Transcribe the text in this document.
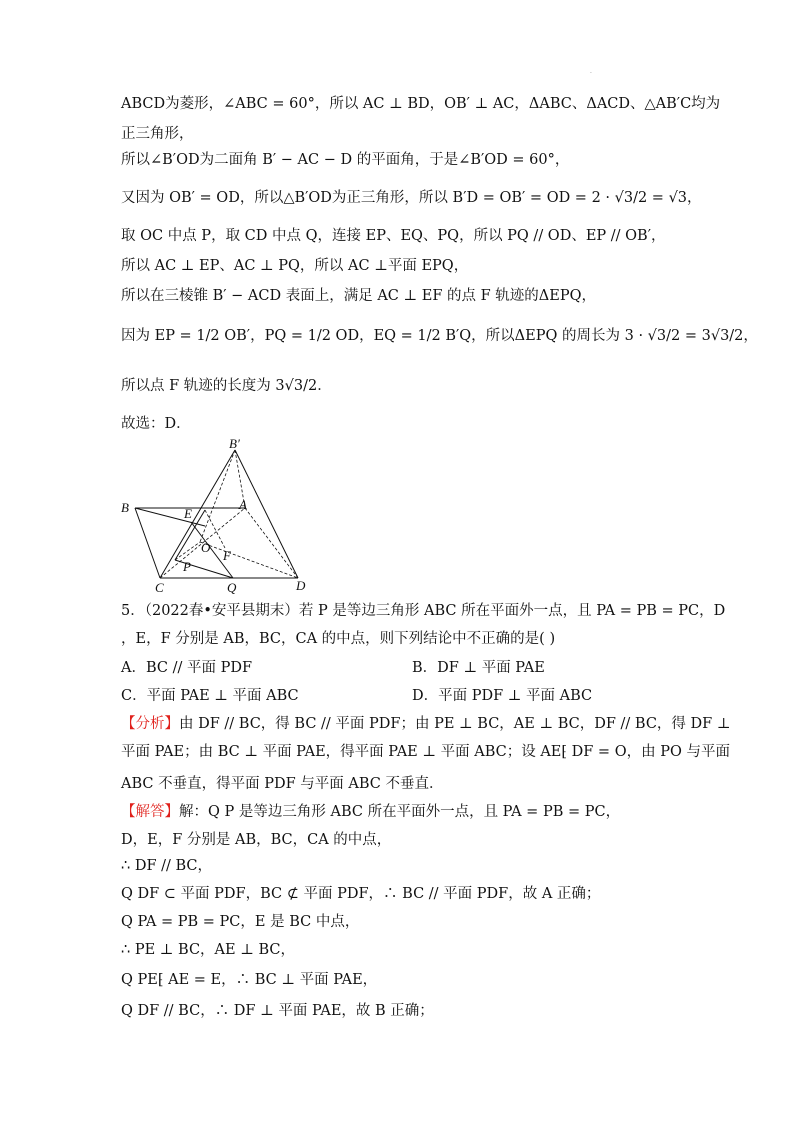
·
ABCD为菱形，∠ABC = 60°，所以 AC ⊥ BD，OB′ ⊥ AC，ΔABC、ΔACD、△AB′C均为
正三角形，
所以∠B′OD为二面角 B′ − AC − D 的平面角，于是∠B′OD = 60°，
又因为 OB′ = OD，所以△B′OD为正三角形，所以 B′D = OB′ = OD = 2 · √3/2 = √3，
取 OC 中点 P，取 CD 中点 Q，连接 EP、EQ、PQ，所以 PQ // OD、EP // OB′，
所以 AC ⊥ EP、AC ⊥ PQ，所以 AC ⊥平面 EPQ，
所以在三棱锥 B′ − ACD 表面上，满足 AC ⊥ EF 的点 F 轨迹的ΔEPQ，
因为 EP = 1/2 OB′，PQ = 1/2 OD，EQ = 1/2 B′Q，所以ΔEPQ 的周长为 3 · √3/2 = 3√3/2，
所以点 F 轨迹的长度为 3√3/2．
故选：D．
B′
B	E
A
O
F
P
C	Q	D
5．（2022春•安平县期末）若 P 是等边三角形 ABC 所在平面外一点，且 PA = PB = PC，D
，E，F 分别是 AB，BC，CA 的中点，则下列结论中不正确的是( )
A．BC // 平面 PDF	B．DF ⊥ 平面 PAE
C．平面 PAE ⊥ 平面 ABC	D．平面 PDF ⊥ 平面 ABC
【分析】由 DF // BC，得 BC // 平面 PDF；由 PE ⊥ BC，AE ⊥ BC，DF // BC，得 DF ⊥
平面 PAE；由 BC ⊥ 平面 PAE，得平面 PAE ⊥ 平面 ABC；设 AE⁅ DF = O，由 PO 与平面
ABC 不垂直，得平面 PDF 与平面 ABC 不垂直．
【解答】解：Q P 是等边三角形 ABC 所在平面外一点，且 PA = PB = PC，
D，E，F 分别是 AB，BC，CA 的中点，
∴ DF // BC，
Q DF ⊂ 平面 PDF，BC ⊄ 平面 PDF，∴ BC // 平面 PDF，故 A 正确；
Q PA = PB = PC，E 是 BC 中点，
∴ PE ⊥ BC，AE ⊥ BC，
Q PE⁅ AE = E，∴ BC ⊥ 平面 PAE，
Q DF // BC，∴ DF ⊥ 平面 PAE，故 B 正确；
